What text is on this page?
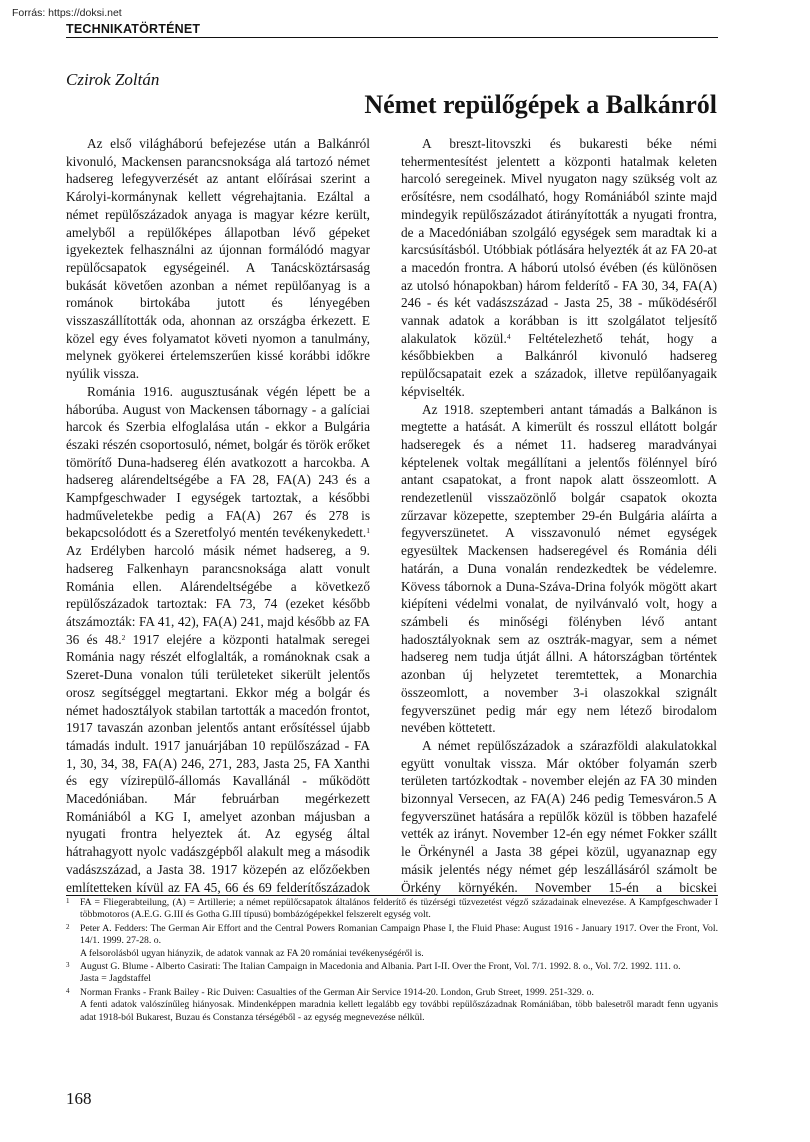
Forrás: https://doksi.net
TECHNIKATÖRTÉNET
Czirok Zoltán
Német repülőgépek a Balkánról

Az első világháború befejezése után a Balkánról kivonuló, Mackensen parancsnoksága alá tartozó német hadsereg lefegyverzését az antant előírásai szerint a Károlyi-kormánynak kellett végrehajtania. Ezáltal a német repülőszázadok anyaga is magyar kézre került, amelyből a repülőképes állapotban lévő gépeket igyekeztek felhasználni az újonnan formálódó magyar repülőcsapatok egységeinél. A Tanácsköztársaság bukását követően azonban a német repülőanyag is a románok birtokába jutott és lényegében visszaszállították oda, ahonnan az országba érkezett. E közel egy éves folyamatot követi nyomon a tanulmány, melynek gyökerei értelemszerűen kissé korábbi időkre nyúlik vissza.

Románia 1916. augusztusának végén lépett be a háborúba. August von Mackensen tábornagy - a galíciai harcok és Szerbia elfoglalása után - ekkor a Bulgária északi részén csoportosuló, német, bolgár és török erőket tömörítő Duna-hadsereg élén avatkozott a harcokba. A hadsereg alárendeltségébe a FA 28, FA(A) 243 és a Kampfgeschwader I egységek tartoztak, a későbbi hadműveletekbe pedig a FA(A) 267 és 278 is bekapcsolódott és a Szeretfolyó mentén tevékenykedett.$^1$ Az Erdélyben harcoló másik német hadsereg, a 9. hadsereg Falkenhayn parancsnoksága alatt vonult Románia ellen. Alárendeltségébe a következő repülőszázadok tartoztak: FA 73, 74 (ezeket később átszámozták: FA 41, 42), FA(A) 241, majd később az FA 36 és 48.$^2$ 1917 elejére a központi hatalmak seregei Románia nagy részét elfoglalták, a románoknak csak a Szeret-Duna vonalon túli területeket sikerült jelentős orosz segítséggel megtartani. Ekkor még a bolgár és német hadosztályok stabilan tartották a macedón frontot, 1917 tavaszán azonban jelentős antant erősítéssel újabb támadás indult. 1917 januárjában 10 repülőszázad - FA 1, 30, 34, 38, FA(A) 246, 271, 283, Jasta 25, FA Xanthi és egy vízirepülő-állomás Kavallánál - működött Macedóniában. Már februárban megérkezett Romániából a KG I, amelyet azonban májusban a nyugati frontra helyeztek át. Az egység által hátrahagyott nyolc vadászgépből alakult meg a második vadászszázad, a Jasta 38. 1917 közepén az előzőekben említetteken kívül az FA 45, 66 és 69 felderítőszázadok

A breszt-litovszki és bukaresti béke némi tehermentesítést jelentett a központi hatalmak keleten harcoló seregeinek. Mivel nyugaton nagy szükség volt az erősítésre, nem csodálható, hogy Romániából szinte majd mindegyik repülőszázadot átirányították a nyugati frontra, de a Macedóniában szolgáló egységek sem maradtak ki a karcsúsításból. Utóbbiak pótlására helyezték át az FA 20-at a macedón frontra. A háború utolsó évében (és különösen az utolsó hónapokban) három felderítő - FA 30, 34, FA(A) 246 - és két vadászszázad - Jasta 25, 38 - működéséről vannak adatok a korábban is itt szolgálatot teljesítő alakulatok közül.$^4$ Feltételezhető tehát, hogy a későbbiekben a Balkánról kivonuló hadsereg repülőcsapatait ezek a századok, illetve repülőanyagaik képviselték.

Az 1918. szeptemberi antant támadás a Balkánon is megtette a hatását. A kimerült és rosszul ellátott bolgár hadseregek és a német 11. hadsereg maradványai képtelenek voltak megállítani a jelentős fölénnyel bíró antant csapatokat, a front napok alatt összeomlott. A rendezetlenül visszaözönlő bolgár csapatok okozta zűrzavar közepette, szeptember 29-én Bulgária aláírta a fegyverszünetet. A visszavonuló német egységek egyesültek Mackensen hadseregével és Románia déli határán, a Duna vonalán rendezkedtek be védelemre. Kövess tábornok a Duna-Száva-Drina folyók mögött akart kiépíteni védelmi vonalat, de nyilvánvaló volt, hogy a számbeli és minőségi fölényben lévő antant hadosztályoknak sem az osztrák-magyar, sem a német hadsereg nem tudja útját állni. A hátországban történtek azonban új helyzetet teremtettek, a Monarchia összeomlott, a november 3-i olaszokkal szignált fegyverszünet pedig már egy nem létező birodalom nevében köttetett.

A német repülőszázadok a szárazföldi alakulatokkal együtt vonultak vissza. Már október folyamán szerb területen tartózkodtak - november elején az FA 30 minden bizonnyal Versecen, az FA(A) 246 pedig Temesváron.5 A fegyverszünet hatására a repülők közül is többen hazafelé vették az irányt. November 12-én egy német Fokker szállt le Örkénynél a Jasta 38 gépei közül, ugyanaznap egy másik jelentés négy német gép leszállásáról számolt be Örkény környékén. November 15-én a bicskei

1 FA = Fliegerabteilung, (A) = Artillerie; a német repülőcsapatok általános felderítő és tüzérségi tűzvezetést végző századainak elnevezése. A Kampfgeschwader I többmotoros (A.E.G. G.III és Gotha G.III típusú) bombázógépekkel felszerelt egység volt.
2 Peter A. Fedders: The German Air Effort and the Central Powers Romanian Campaign Phase I, the Fluid Phase: August 1916 - January 1917. Over the Front, Vol. 14/1. 1999. 27-28. o.
A felsorolásból ugyan hiányzik, de adatok vannak az FA 20 romániai tevékenységéről is.
3 August G. Blume - Alberto Casirati: The Italian Campaign in Macedonia and Albania. Part I-II. Over the Front, Vol. 7/1. 1992. 8. o., Vol. 7/2. 1992. 111. o.
Jasta = Jagdstaffel
4 Norman Franks - Frank Bailey - Ric Duiven: Casualties of the German Air Service 1914-20. London, Grub Street, 1999. 251-329. o.
A fenti adatok valószínűleg hiányosak. Mindenképpen maradnia kellett legalább egy további repülőszázadnak Romániában, több balesetről maradt fenn ugyanis adat 1918-ból Bukarest, Buzau és Constanza térségéből - az egység megnevezése nélkül.
168
